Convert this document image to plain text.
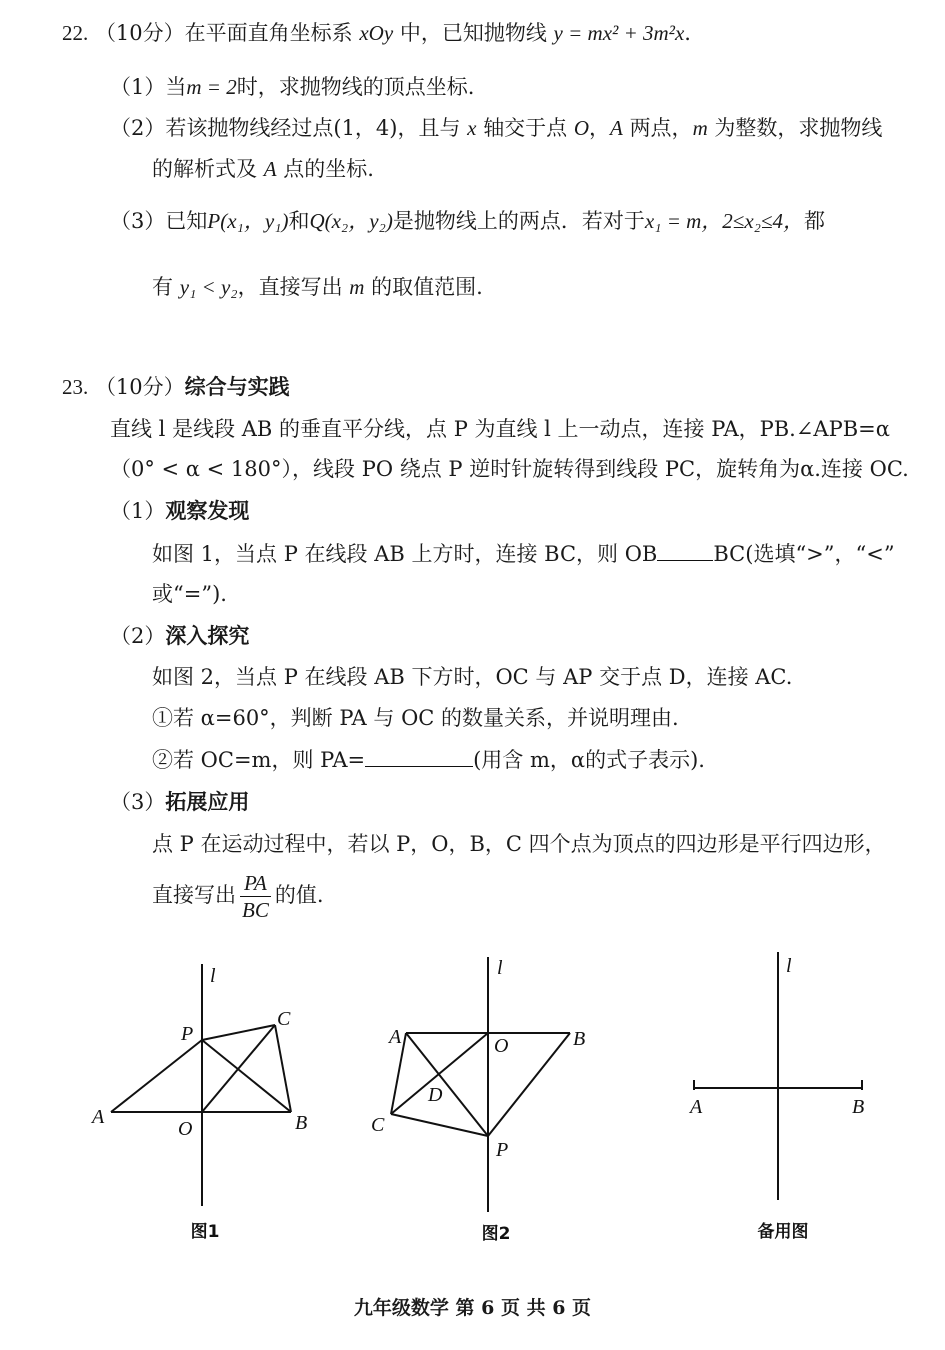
22. （10分）在平面直角坐标系 xOy 中，已知抛物线 y = mx² + 3m²x.
（1）当m = 2时，求抛物线的顶点坐标.
（2）若该抛物线经过点(1，4)，且与 x 轴交于点 O，A 两点，m 为整数，求抛物线
的解析式及 A 点的坐标.
（3）已知P(x₁，y₁)和Q(x₂，y₂)是抛物线上的两点．若对于x₁ = m，2≤x₂≤4，都
有 y₁ < y₂，直接写出 m 的取值范围.
23. （10分）综合与实践
直线 l 是线段 AB 的垂直平分线，点 P 为直线 l 上一动点，连接 PA，PB.∠APB=α
（0° < α < 180°），线段 PO 绕点 P 逆时针旋转得到线段 PC，旋转角为α.连接 OC.
（1）观察发现
如图 1，当点 P 在线段 AB 上方时，连接 BC，则 OB	BC(选填“>”，“<”
或“=”).
（2）深入探究
如图 2，当点 P 在线段 AB 下方时，OC 与 AP 交于点 D，连接 AC.
①若 α=60°，判断 PA 与 OC 的数量关系，并说明理由.
②若 OC=m，则 PA=	(用含 m，α的式子表示).
（3）拓展应用
点 P 在运动过程中，若以 P，O，B，C 四个点为顶点的四边形是平行四边形，
直接写出 $\frac{PA}{BC}$ 的值.
l
P
C
A
O	B
l
A	O	B
D
C
P
l
A	B
图1	图2	备用图
九年级数学 第 6 页 共 6 页
